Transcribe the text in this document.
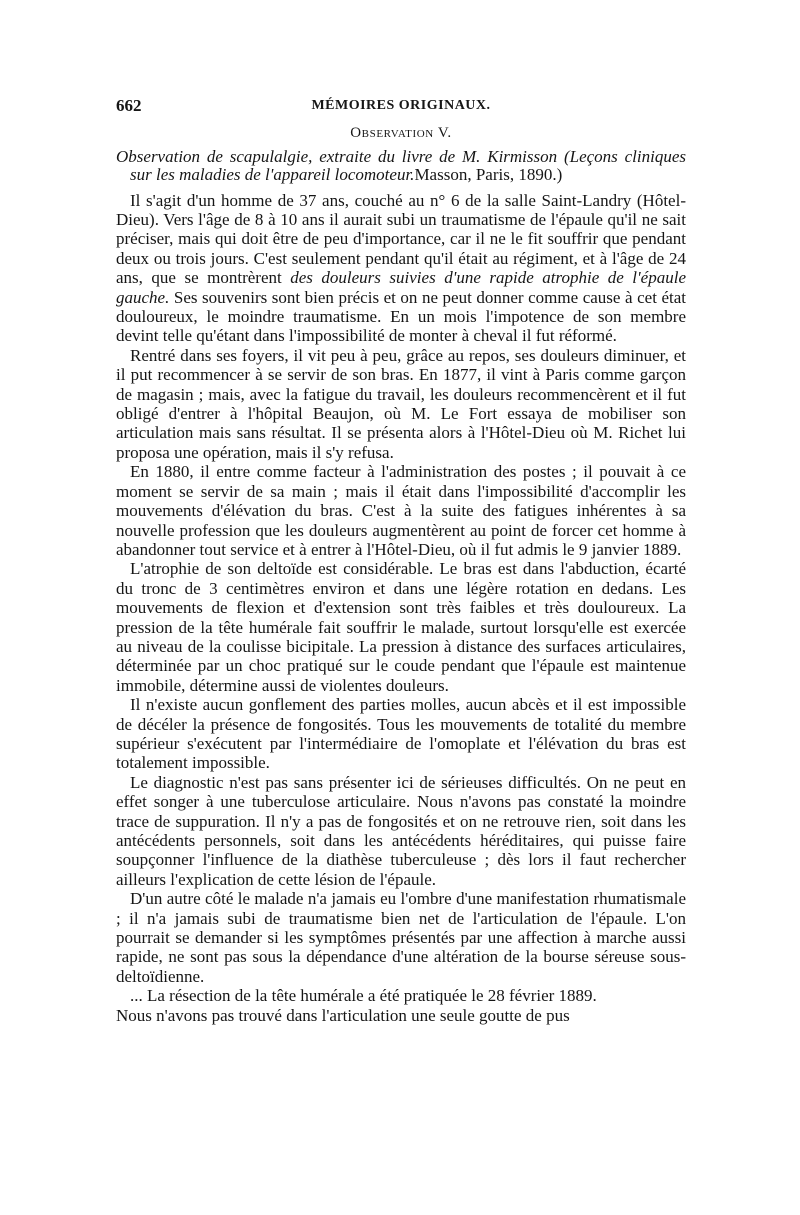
662	MÉMOIRES ORIGINAUX.
Observation V.

Observation de scapulalgie, extraite du livre de M. Kirmisson (Leçons cliniques sur les maladies de l'appareil locomoteur.Masson, Paris, 1890.)

Il s'agit d'un homme de 37 ans, couché au n° 6 de la salle Saint-Landry (Hôtel-Dieu). Vers l'âge de 8 à 10 ans il aurait subi un traumatisme de l'épaule qu'il ne sait préciser, mais qui doit être de peu d'importance, car il ne le fit souffrir que pendant deux ou trois jours. C'est seulement pendant qu'il était au régiment, et à l'âge de 24 ans, que se montrèrent des douleurs suivies d'une rapide atrophie de l'épaule gauche. Ses souvenirs sont bien précis et on ne peut donner comme cause à cet état douloureux, le moindre traumatisme. En un mois l'impotence de son membre devint telle qu'étant dans l'impossibilité de monter à cheval il fut réformé.

Rentré dans ses foyers, il vit peu à peu, grâce au repos, ses douleurs diminuer, et il put recommencer à se servir de son bras. En 1877, il vint à Paris comme garçon de magasin ; mais, avec la fatigue du travail, les douleurs recommencèrent et il fut obligé d'entrer à l'hôpital Beaujon, où M. Le Fort essaya de mobiliser son articulation mais sans résultat. Il se présenta alors à l'Hôtel-Dieu où M. Richet lui proposa une opération, mais il s'y refusa.

En 1880, il entre comme facteur à l'administration des postes ; il pouvait à ce moment se servir de sa main ; mais il était dans l'impossibilité d'accomplir les mouvements d'élévation du bras. C'est à la suite des fatigues inhérentes à sa nouvelle profession que les douleurs augmentèrent au point de forcer cet homme à abandonner tout service et à entrer à l'Hôtel-Dieu, où il fut admis le 9 janvier 1889.

L'atrophie de son deltoïde est considérable. Le bras est dans l'abduction, écarté du tronc de 3 centimètres environ et dans une légère rotation en dedans. Les mouvements de flexion et d'extension sont très faibles et très douloureux. La pression de la tête humérale fait souffrir le malade, surtout lorsqu'elle est exercée au niveau de la coulisse bicipitale. La pression à distance des surfaces articulaires, déterminée par un choc pratiqué sur le coude pendant que l'épaule est maintenue immobile, détermine aussi de violentes douleurs.

Il n'existe aucun gonflement des parties molles, aucun abcès et il est impossible de décéler la présence de fongosités. Tous les mouvements de totalité du membre supérieur s'exécutent par l'intermédiaire de l'omoplate et l'élévation du bras est totalement impossible.

Le diagnostic n'est pas sans présenter ici de sérieuses difficultés. On ne peut en effet songer à une tuberculose articulaire. Nous n'avons pas constaté la moindre trace de suppuration. Il n'y a pas de fongosités et on ne retrouve rien, soit dans les antécédents personnels, soit dans les antécédents héréditaires, qui puisse faire soupçonner l'influence de la diathèse tuberculeuse ; dès lors il faut rechercher ailleurs l'explication de cette lésion de l'épaule.

D'un autre côté le malade n'a jamais eu l'ombre d'une manifestation rhumatismale ; il n'a jamais subi de traumatisme bien net de l'articulation de l'épaule. L'on pourrait se demander si les symptômes présentés par une affection à marche aussi rapide, ne sont pas sous la dépendance d'une altération de la bourse séreuse sous-deltoïdienne.

... La résection de la tête humérale a été pratiquée le 28 février 1889.

Nous n'avons pas trouvé dans l'articulation une seule goutte de pus
